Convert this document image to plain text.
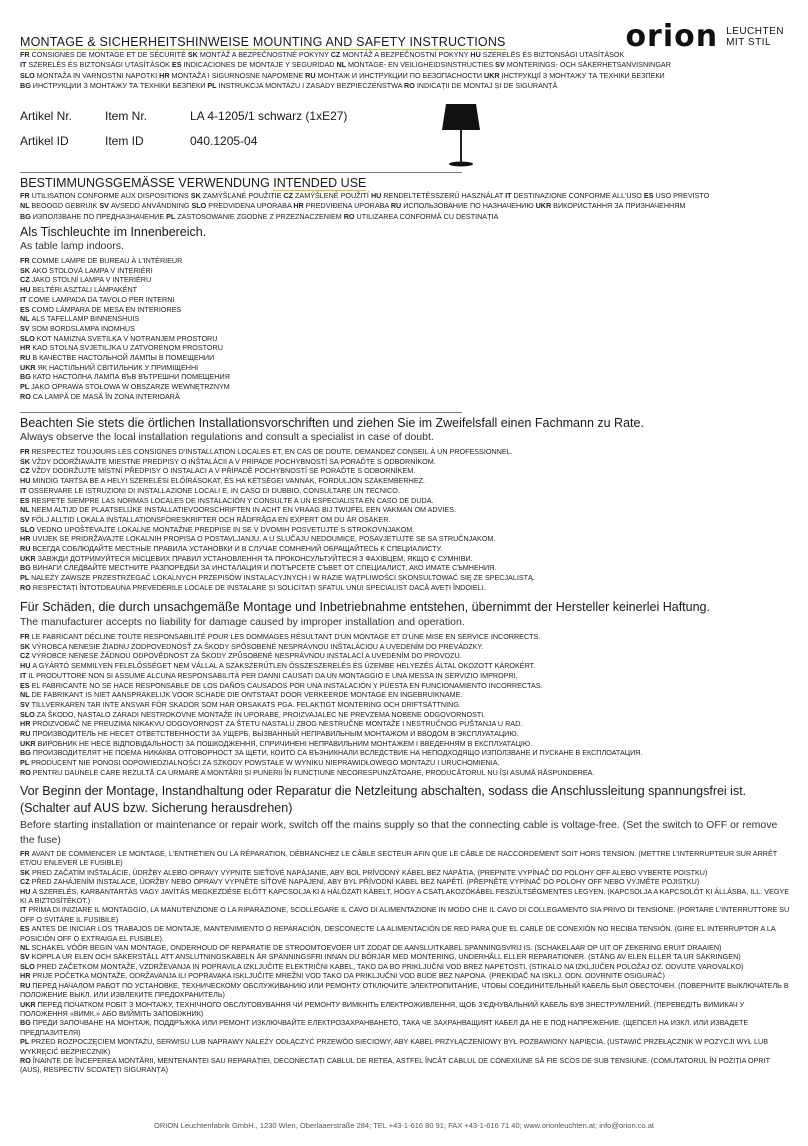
orion LEUCHTEN
MIT STIL
MONTAGE & SICHERHEITSHINWEISE MOUNTING AND SAFETY INSTRUCTIONS
FR CONSIGNES DE MONTAGE ET DE SÉCURITÉ SK MONTÁŽ A BEZPEČNOSTNÉ POKYNY CZ MONTÁŽ A BEZPEČNOSTNÍ POKYNY HU SZERELÉS ÉS BIZTONSÁGI UTASÍTÁSOK
IT SZERELÉS ÉS BIZTONSÁGI UTASÍTÁSOK ES INDICACIONES DE MONTAJE Y SEGURIDAD NL MONTAGE- EN VEILIGHEIDSINSTRUCTIES SV MONTERINGS- OCH SÄKERHETSANVISNINGAR
SLO MONTAŽA IN VARNOSTNI NAPOTKI HR MONTAŽA I SIGURNOSNE NAPOMENE RU МОНТАЖ И ИНСТРУКЦИИ ПО БЕЗОПАСНОСТИ UKR ІНСТРУКЦІЇ З МОНТАЖУ ТА ТЕХНІКИ БЕЗПЕКИ
BG ИНСТРУКЦИИ З МОНТАЖУ ТА ТЕХНІКИ БЕЗПЕКИ PL INSTRUKCJA MONTAŻU I ZASADY BEZPIECZEŃSTWA RO INDICAȚII DE MONTAJ ȘI DE SIGURANȚĂ
Artikel Nr.	Item Nr.	LA 4-1205/1 schwarz (1xE27)
Artikel ID	Item ID	040.1205-04
BESTIMMUNGSGEMÄSSE VERWENDUNG INTENDED USE
FR UTILISATION CONFORME AUX DISPOSITIONS SK ZAMÝŠĽANÉ POUŽITIE CZ ZAMÝŠLENÉ POUŽITÍ HU RENDELTETÉSSZERŰ HASZNÁLAT IT DESTINAZIONE CONFORME ALL'USO ES USO PREVISTO
NL BEOOGD GEBRUIK SV AVSEDD ANVÄNDNING SLO PREDVIDENA UPORABA HR PREDVIĐENA UPORABA RU ИСПОЛЬЗОВАНИЕ ПО НАЗНАЧЕНИЮ UKR ВИКОРИСТАННЯ ЗА ПРИЗНАЧЕННЯМ
BG ИЗПОЛЗВАНЕ ПО ПРЕДНАЗНАЧЕНИЕ PL ZASTOSOWANIE ZGODNE Z PRZEZNACZENIEM RO UTILIZAREA CONFORMĂ CU DESTINAȚIA
Als Tischleuchte im Innenbereich.
As table lamp indoors.
FR COMME LAMPE DE BUREAU À L'INTÉRIEUR
SK AKO STOLOVÁ LAMPA V INTERIÉRI
CZ JAKO STOLNÍ LAMPA V INTERIÉRU
HU BELTÉRI ASZTALI LÁMPAKÉNT
IT COME LAMPADA DA TAVOLO PER INTERNI
ES COMO LÁMPARA DE MESA EN INTERIORES
NL ALS TAFELLAMP BINNENSHUIS
SV SOM BORDSLAMPA INOMHUS
SLO KOT NAMIZNA SVETILKA V NOTRANJEM PROSTORU
HR KAO STOLNA SVJETILJKA U ZATVORENOM PROSTORU
RU В КАЧЕСТВЕ НАСТОЛЬНОЙ ЛАМПЫ В ПОМЕЩЕНИИ
UKR ЯК НАСТІЛЬНИЙ СВІТИЛЬНИК У ПРИМІЩЕННІ
BG КАТО НАСТОЛНА ЛАМПА ВЪВ ВЪТРЕШНИ ПОМЕЩЕНИЯ
PL JAKO OPRAWA STOŁOWA W OBSZARZE WEWNĘTRZNYM
RO CA LAMPĂ DE MASĂ ÎN ZONA INTERIOARĂ
Beachten Sie stets die örtlichen Installationsvorschriften und ziehen Sie im Zweifelsfall einen Fachmann zu Rate.
Always observe the local installation regulations and consult a specialist in case of doubt.
FR RESPECTEZ TOUJOURS LES CONSIGNES D'INSTALLATION LOCALES ET, EN CAS DE DOUTE, DEMANDEZ CONSEIL À UN PROFESSIONNEL.
SK VŽDY DODRŽIAVAJTE MIESTNE PREDPISY O INŠTALÁCII A V PRÍPADE POCHYBNOSTÍ SA PORAĎTE S ODBORNÍKOM.
CZ VŽDY DODRŽUJTE MÍSTNÍ PŘEDPISY O INSTALACI A V PŘÍPADĚ POCHYBNOSTÍ SE PORAĎTE S ODBORNÍKEM.
HU MINDIG TARTSA BE A HELYI SZERELÉSI ELŐÍRÁSOKAT, ÉS HA KÉTSÉGEI VANNAK, FORDULJON SZAKEMBERHEZ.
IT OSSERVARE LE ISTRUZIONI DI INSTALLAZIONE LOCALI E, IN CASO DI DUBBIO, CONSULTARE UN TECNICO.
ES RESPETE SIEMPRE LAS NORMAS LOCALES DE INSTALACIÓN Y CONSULTE A UN ESPECIALISTA EN CASO DE DUDA.
NL NEEM ALTIJD DE PLAATSELIJKE INSTALLATIEVOORSCHRIFTEN IN ACHT EN VRAAG BIJ TWIJFEL EEN VAKMAN OM ADVIES.
SV FÖLJ ALLTID LOKALA INSTALLATIONSFÖRESKRIFTER OCH RÅDFRÅGA EN EXPERT OM DU ÄR OSÄKER.
SLO VEDNO UPOŠTEVAJTE LOKALNE MONTAŽNE PREDPISE IN SE V DVOMIH POSVETUJTE S STROKOVNJAKOM.
HR UVIJEK SE PRIDRŽAVAJTE LOKALNIH PROPISA O POSTAVLJANJU, A U SLUČAJU NEDOUMICE, POSAVJETUJTE SE SA STRUČNJAKOM.
RU ВСЕГДА СОБЛЮДАЙТЕ МЕСТНЫЕ ПРАВИЛА УСТАНОВКИ И В СЛУЧАЕ СОМНЕНИЙ ОБРАЩАЙТЕСЬ К СПЕЦИАЛИСТУ.
UKR ЗАВЖДИ ДОТРИМУЙТЕСЯ МІСЦЕВИХ ПРАВИЛ УСТАНОВЛЕННЯ ТА ПРОКОНСУЛЬТУЙТЕСЯ З ФАХІВЦЕМ, ЯКЩО Є СУМНІВИ.
BG ВИНАГИ СЛЕДВАЙТЕ МЕСТНИТЕ РАЗПОРЕДБИ ЗА ИНСТАЛАЦИЯ И ПОТЪРСЕТЕ СЪВЕТ ОТ СПЕЦИАЛИСТ, АКО ИМАТЕ СЪМНЕНИЯ.
PL NALEŻY ZAWSZE PRZESTRZEGAĆ LOKALNYCH PRZEPISÓW INSTALACYJNYCH I W RAZIE WĄTPLIWOŚCI SKONSULTOWAĆ SIĘ ZE SPECJALISTĄ.
RO RESPECTAȚI ÎNTOTDEAUNA PREVEDERILE LOCALE DE INSTALARE ȘI SOLICITAȚI SFATUL UNUI SPECIALIST DACĂ AVEȚI ÎNDOIELI.
Für Schäden, die durch unsachgemäße Montage und Inbetriebnahme entstehen, übernimmt der Hersteller keinerlei Haftung.
The manufacturer accepts no liability for damage caused by improper installation and operation.
FR LE FABRICANT DÉCLINE TOUTE RESPONSABILITÉ POUR LES DOMMAGES RÉSULTANT D'UN MONTAGE ET D'UNE MISE EN SERVICE INCORRECTS.
SK VÝROBCA NENESIE ŽIADNU ZODPOVEDNOSŤ ZA ŠKODY SPÔSOBENÉ NESPRÁVNOU INŠTALÁCIOU A UVEDENÍM DO PREVÁDZKY.
CZ VÝROBCE NENESE ŽÁDNOU ODPOVĚDNOST ZA ŠKODY ZPŮSOBENÉ NESPRÁVNOU INSTALACÍ A UVEDENÍM DO PROVOZU.
HU A GYÁRTÓ SEMMILYEN FELELŐSSÉGET NEM VÁLLAL A SZAKSZERŰTLEN ÖSSZESZERELÉS ÉS ÜZEMBE HELYEZÉS ÁLTAL OKOZOTT KÁROKÉRT.
IT IL PRODUTTORE NON SI ASSUME ALCUNA RESPONSABILITÀ PER DANNI CAUSATI DA UN MONTAGGIO E UNA MESSA IN SERVIZIO IMPROPRI.
ES EL FABRICANTE NO SE HACE RESPONSABLE DE LOS DAÑOS CAUSADOS POR UNA INSTALACIÓN Y PUESTA EN FUNCIONAMIENTO INCORRECTAS.
NL DE FABRIKANT IS NIET AANSPRAKELIJK VOOR SCHADE DIE ONTSTAAT DOOR VERKEERDE MONTAGE EN INGEBRUIKNAME.
SV TILLVERKAREN TAR INTE ANSVAR FÖR SKADOR SOM HAR ORSAKATS PGA. FELAKTIGT MONTERING OCH DRIFTSÄTTNING.
SLO ZA ŠKODO, NASTALO ZARADI NESTROKOVNE MONTAŽE IN UPORABE, PROIZVAJALEC NE PREVZEMA NOBENE ODGOVORNOSTI.
HR PROIZVOĐAČ NE PREUZIMA NIKAKVU ODGOVORNOST ZA ŠTETU NASTALU ZBOG NESTRUČNE MONTAŽE I NESTRUČNOG PUŠTANJA U RAD.
RU ПРОИЗВОДИТЕЛЬ НЕ НЕСЕТ ОТВЕТСТВЕННОСТИ ЗА УЩЕРБ, ВЫЗВАННЫЙ НЕПРАВИЛЬНЫМ МОНТАЖОМ И ВВОДОМ В ЭКСПЛУАТАЦИЮ.
UKR ВИРОБНИК НЕ НЕСЕ ВІДПОВІДАЛЬНОСТІ ЗА ПОШКОДЖЕННЯ, СПРИЧИНЕНІ НЕПРАВИЛЬНИМ МОНТАЖЕМ І ВВЕДЕННЯМ В ЕКСПЛУАТАЦІЮ.
BG ПРОИЗВОДИТЕЛЯТ НЕ ПОЕМА НИКАКВА ОТГОВОРНОСТ ЗА ЩЕТИ, КОИТО СА ВЪЗНИКНАЛИ ВСЛЕДСТВИЕ НА НЕПОДХОДЯЩО ИЗПОЛЗВАНЕ И ПУСКАНЕ В ЕКСПЛОАТАЦИЯ.
PL PRODUCENT NIE PONOSI ODPOWIEDZIALNOŚCI ZA SZKODY POWSTAŁE W WYNIKU NIEPRAWIDŁOWEGO MONTAŻU I URUCHOMIENIA.
RO PENTRU DAUNELE CARE REZULTĂ CA URMARE A MONTĂRII ȘI PUNERII ÎN FUNCȚIUNE NECORESPUNZĂTOARE, PRODUCĂTORUL NU ÎȘI ASUMĂ RĂSPUNDEREA.
Vor Beginn der Montage, Instandhaltung oder Reparatur die Netzleitung abschalten, sodass die Anschlussleitung spannungsfrei ist. (Schalter auf AUS bzw. Sicherung herausdrehen)
Before starting installation or maintenance or repair work, switch off the mains supply so that the connecting cable is voltage-free. (Set the switch to OFF or remove the fuse)
FR AVANT DE COMMENCER LE MONTAGE, L'ENTRETIEN OU LA RÉPARATION, DÉBRANCHEZ LE CÂBLE SECTEUR AFIN QUE LE CÂBLE DE RACCORDEMENT SOIT HORS TENSION. (METTRE L'INTERRUPTEUR SUR ARRÊT ET/OU ENLEVER LE FUSIBLE)
SK PRED ZAČATÍM INŠTALÁCIE, ÚDRŽBY ALEBO OPRAVY VYPNITE SIEŤOVÉ NAPÁJANIE, ABY BOL PRÍVODNÝ KÁBEL BEZ NAPÄTIA. (PREPNITE VYPÍNAČ DO POLOHY OFF ALEBO VYBERTE POISTKU)
CZ PŘED ZAHÁJENÍM INSTALACE, ÚDRŽBY NEBO OPRAVY VYPNĚTE SÍŤOVÉ NAPÁJENÍ, ABY BYL PŘÍVODNÍ KABEL BEZ NAPĚTÍ. (PŘEPNĚTE VYPÍNAČ DO POLOHY OFF NEBO VYJMĚTE POJISTKU)
HU A SZERELÉS, KARBANTARTÁS VAGY JAVÍTÁS MEGKEZDÉSE ELŐTT KAPCSOLJA KI A HÁLÓZATI KÁBELT, HOGY A CSATLAKOZÓKÁBEL FESZÜLTSÉGMENTES LEGYEN. (KAPCSOLJA A KAPCSOLÓT KI ÁLLÁSBA, ILL. VEGYE KI A BIZTOSÍTÉKOT.)
IT PRIMA DI INIZIARE IL MONTAGGIO, LA MANUTENZIONE O LA RIPARAZIONE, SCOLLEGARE IL CAVO DI ALIMENTAZIONE IN MODO CHE IL CAVO DI COLLEGAMENTO SIA PRIVO DI TENSIONE. (PORTARE L'INTERRUTTORE SU OFF O SVITARE IL FUSIBILE)
ES ANTES DE INICIAR LOS TRABAJOS DE MONTAJE, MANTENIMIENTO O REPARACIÓN, DESCONECTE LA ALIMENTACIÓN DE RED PARA QUE EL CABLE DE CONEXIÓN NO RECIBA TENSIÓN. (GIRE EL INTERRUPTOR A LA POSICIÓN OFF O EXTRAIGA EL FUSIBLE).
NL SCHAKEL VÓÓR BEGIN VAN MONTAGE, ONDERHOUD OF REPARATIE DE STROOMTOEVOER UIT ZODAT DE AANSLUITKABEL SPANNINGSVRIJ IS. (SCHAKELAAR OP UIT OF ZEKERING ERUIT DRAAIEN)
SV KOPPLA UR ELEN OCH SÄKERSTÄLL ATT ANSLUTNINGSKABELN ÄR SPÄNNINGSFRI INNAN DU BÖRJAR MED MONTERING, UNDERHÅLL ELLER REPARATIONER. (STÄNG AV ELEN ELLER TA UR SÄKRINGEN)
SLO PRED ZAČETKOM MONTAŽE, VZDRŽEVANJA IN POPRAVILA IZKLJUČITE ELEKTRIČNI KABEL, TAKO DA BO PRIKLJUČNI VOD BREZ NAPETOSTI. (STIKALO NA IZKLJUČEN POLOŽAJ OZ. ODVIJTE VAROVALKO)
HR PRIJE POČETKA MONTAŽE, ODRŽAVANJA ILI POPRAVAKA ISKLJUČITE MREŽNI VOD TAKO DA PRIKLJUČNI VOD BUDE BEZ NAPONA. (PREKIDAČ NA ISKLJ. ODN. ODVRNITE OSIGURAČ)
RU ПЕРЕД НАЧАЛОМ РАБОТ ПО УСТАНОВКЕ, ТЕХНИЧЕСКОМУ ОБСЛУЖИВАНИЮ ИЛИ РЕМОНТУ ОТКЛЮЧИТЕ ЭЛЕКТРОПИТАНИЕ, ЧТОБЫ СОЕДИНИТЕЛЬНЫЙ КАБЕЛЬ БЫЛ ОБЕСТОЧЕН. (ПОВЕРНИТЕ ВЫКЛЮЧАТЕЛЬ В ПОЛОЖЕНИЕ ВЫКЛ. ИЛИ ИЗВЛЕКИТЕ ПРЕДОХРАНИТЕЛЬ)
UKR ПЕРЕД ПОЧАТКОМ РОБІТ З МОНТАЖУ, ТЕХНІЧНОГО ОБСЛУГОВУВАННЯ ЧИ РЕМОНТУ ВИМКНІТЬ ЕЛЕКТРОЖИВЛЕННЯ, ЩОБ З'ЄДНУВАЛЬНИЙ КАБЕЛЬ БУВ ЗНЕСТРУМЛЕНИЙ. (ПЕРЕВЕДІТЬ ВИМИКАЧ У ПОЛОЖЕННЯ «ВИМК.» АБО ВИЙМІТЬ ЗАПОБІЖНИК)
BG ПРЕДИ ЗАПОЧВАНЕ НА МОНТАЖ, ПОДДРЪЖКА ИЛИ РЕМОНТ ИЗКЛЮЧВАЙТЕ ЕЛЕКТРОЗАХРАНВАНЕТО, ТАКА ЧЕ ЗАХРАНВАЩИЯТ КАБЕЛ ДА НЕ Е ПОД НАПРЕЖЕНИЕ. (ЩЕПСЕЛ НА ИЗКЛ. ИЛИ ИЗВАДЕТЕ ПРЕДПАЗИТЕЛЯ)
PL PRZED ROZPOCZĘCIEM MONTAŻU, SERWISU LUB NAPRAWY NALEŻY ODŁĄCZYĆ PRZEWÓD SIECIOWY, ABY KABEL PRZYŁĄCZENIOWY BYŁ POZBAWIONY NAPIĘCIA. (USTAWIĆ PRZEŁĄCZNIK W POZYCJI WYŁ LUB WYKRĘCIĆ BEZPIECZNIK)
RO ÎNAINTE DE ÎNCEPEREA MONTĂRII, MENTENANȚEI SAU REPARAȚIEI, DECONECTAȚI CABLUL DE RETEA, ASTFEL ÎNCÂT CABLUL DE CONEXIUNE SĂ FIE SCOS DE SUB TENSIUNE. (COMUTATORUL ÎN POZIȚIA OPRIT (AUS), RESPECTIV SCOATEȚI SIGURANȚA)
ORION Leuchtenfabrik GmbH., 1230 Wien, Oberlaaerstraße 284; TEL +43-1-616 80 91; FAX +43-1-616 71 40; www.orionleuchten.at; info@orion.co.at
